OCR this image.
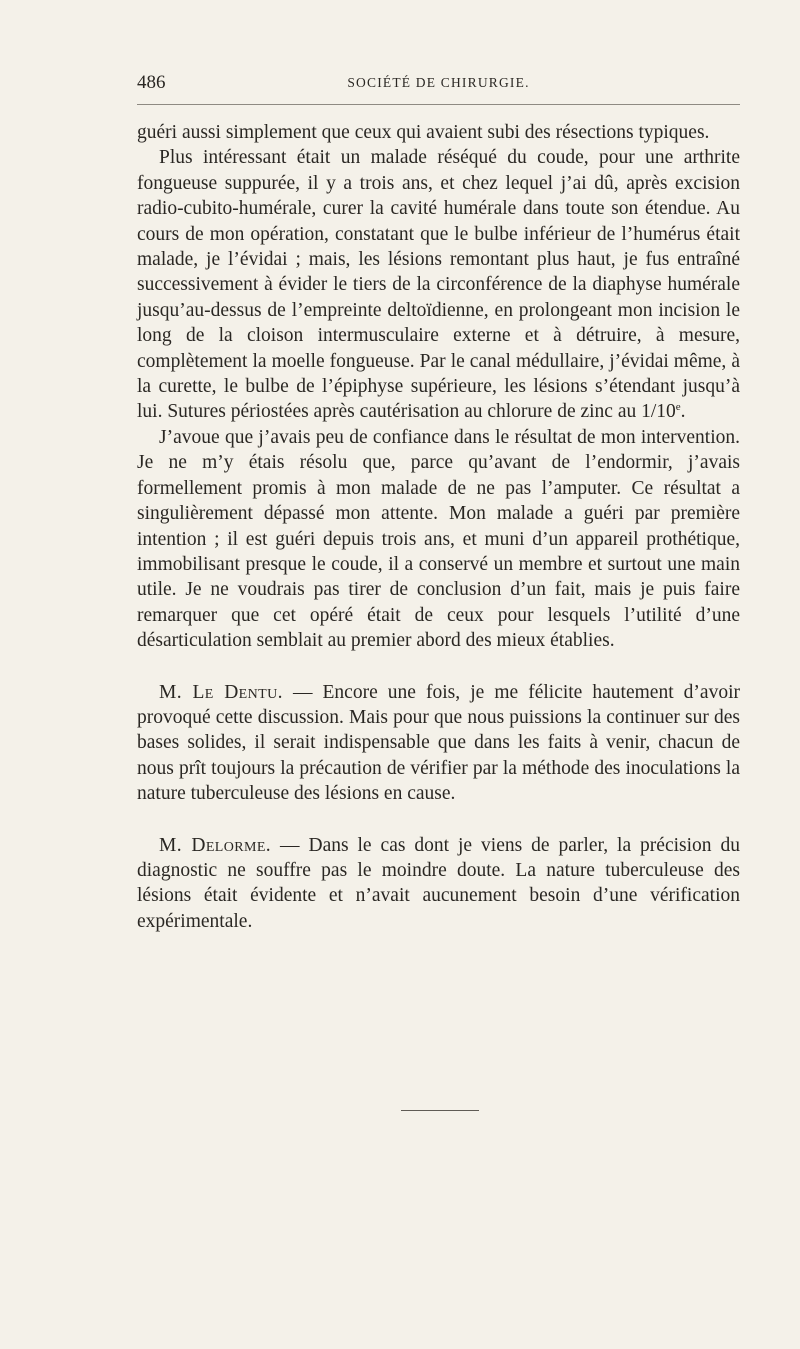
486	SOCIÉTÉ DE CHIRURGIE.

guéri aussi simplement que ceux qui avaient subi des résections typiques.

Plus intéressant était un malade réséqué du coude, pour une arthrite fongueuse suppurée, il y a trois ans, et chez lequel j’ai dû, après excision radio-cubito-humérale, curer la cavité humérale dans toute son étendue. Au cours de mon opération, constatant que le bulbe inférieur de l’humérus était malade, je l’évidai ; mais, les lésions remontant plus haut, je fus entraîné successivement à évider le tiers de la circonférence de la diaphyse humérale jusqu’au-dessus de l’empreinte deltoïdienne, en prolongeant mon incision le long de la cloison intermusculaire externe et à détruire, à mesure, complètement la moelle fongueuse. Par le canal médullaire, j’évidai même, à la curette, le bulbe de l’épiphyse supérieure, les lésions s’étendant jusqu’à lui. Sutures périostées après cautérisation au chlorure de zinc au 1/10e.

J’avoue que j’avais peu de confiance dans le résultat de mon intervention. Je ne m’y étais résolu que, parce qu’avant de l’endormir, j’avais formellement promis à mon malade de ne pas l’amputer. Ce résultat a singulièrement dépassé mon attente. Mon malade a guéri par première intention ; il est guéri depuis trois ans, et muni d’un appareil prothétique, immobilisant presque le coude, il a conservé un membre et surtout une main utile. Je ne voudrais pas tirer de conclusion d’un fait, mais je puis faire remarquer que cet opéré était de ceux pour lesquels l’utilité d’une désarticulation semblait au premier abord des mieux établies.

M. Le Dentu. — Encore une fois, je me félicite hautement d’avoir provoqué cette discussion. Mais pour que nous puissions la continuer sur des bases solides, il serait indispensable que dans les faits à venir, chacun de nous prît toujours la précaution de vérifier par la méthode des inoculations la nature tuberculeuse des lésions en cause.

M. Delorme. — Dans le cas dont je viens de parler, la précision du diagnostic ne souffre pas le moindre doute. La nature tuberculeuse des lésions était évidente et n’avait aucunement besoin d’une vérification expérimentale.
